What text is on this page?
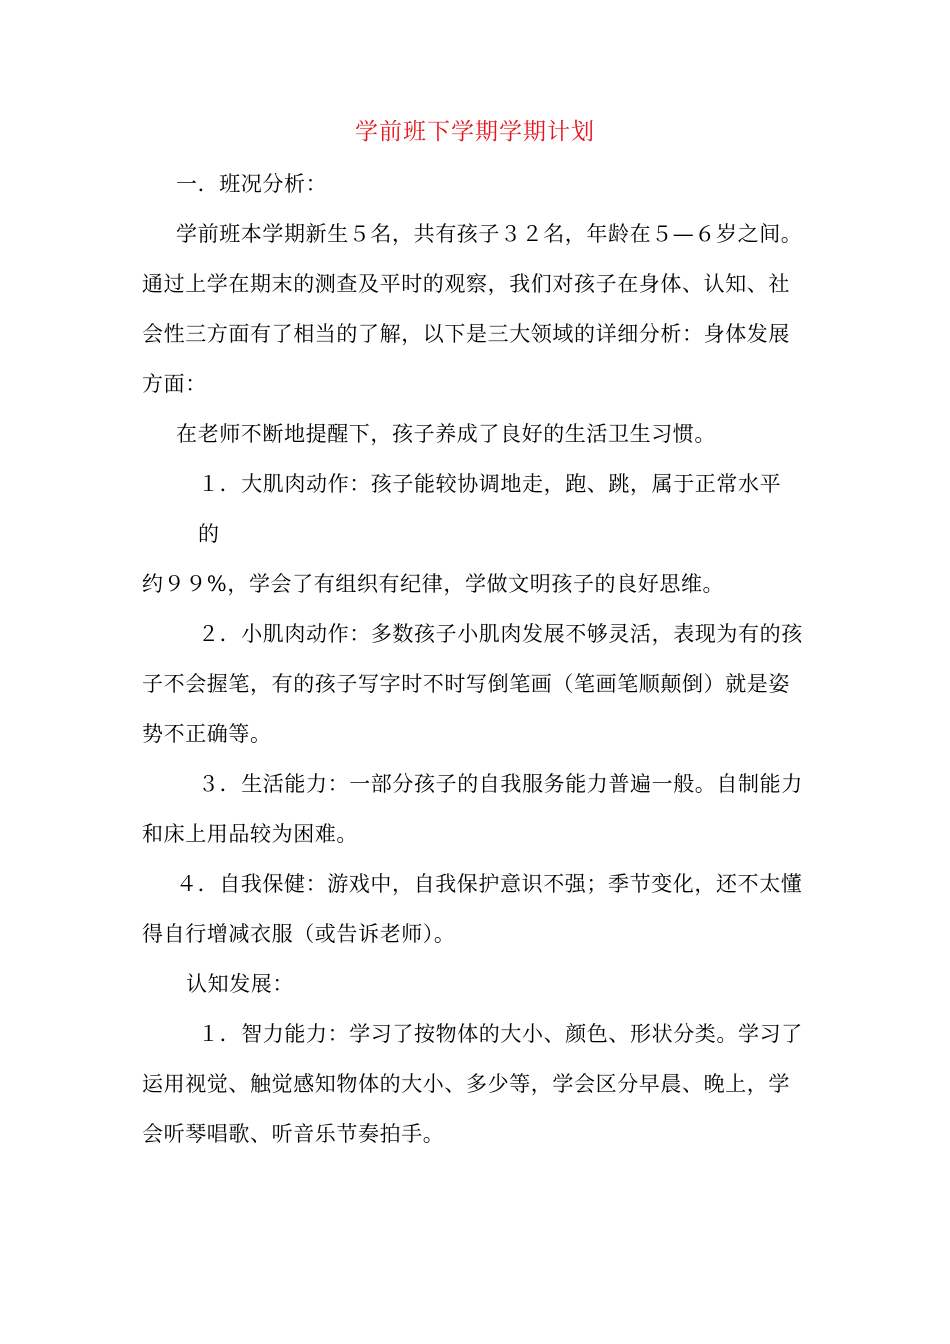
学前班下学期学期计划

一．班况分析：

学前班本学期新生５名，共有孩子３２名，年龄在５—６岁之间。通过上学在期末的测查及平时的观察，我们对孩子在身体、认知、社会性三方面有了相当的了解，以下是三大领域的详细分析：身体发展方面：

在老师不断地提醒下，孩子养成了良好的生活卫生习惯。

１．大肌肉动作：孩子能较协调地走，跑、跳，属于正常水平的

约９９%，学会了有组织有纪律，学做文明孩子的良好思维。

２．小肌肉动作：多数孩子小肌肉发展不够灵活，表现为有的孩子不会握笔，有的孩子写字时不时写倒笔画（笔画笔顺颠倒）就是姿势不正确等。

３．生活能力：一部分孩子的自我服务能力普遍一般。自制能力和床上用品较为困难。

４．自我保健：游戏中，自我保护意识不强；季节变化，还不太懂得自行增减衣服（或告诉老师）。

认知发展：

１．智力能力：学习了按物体的大小、颜色、形状分类。学习了运用视觉、触觉感知物体的大小、多少等，学会区分早晨、晚上，学会听琴唱歌、听音乐节奏拍手。
